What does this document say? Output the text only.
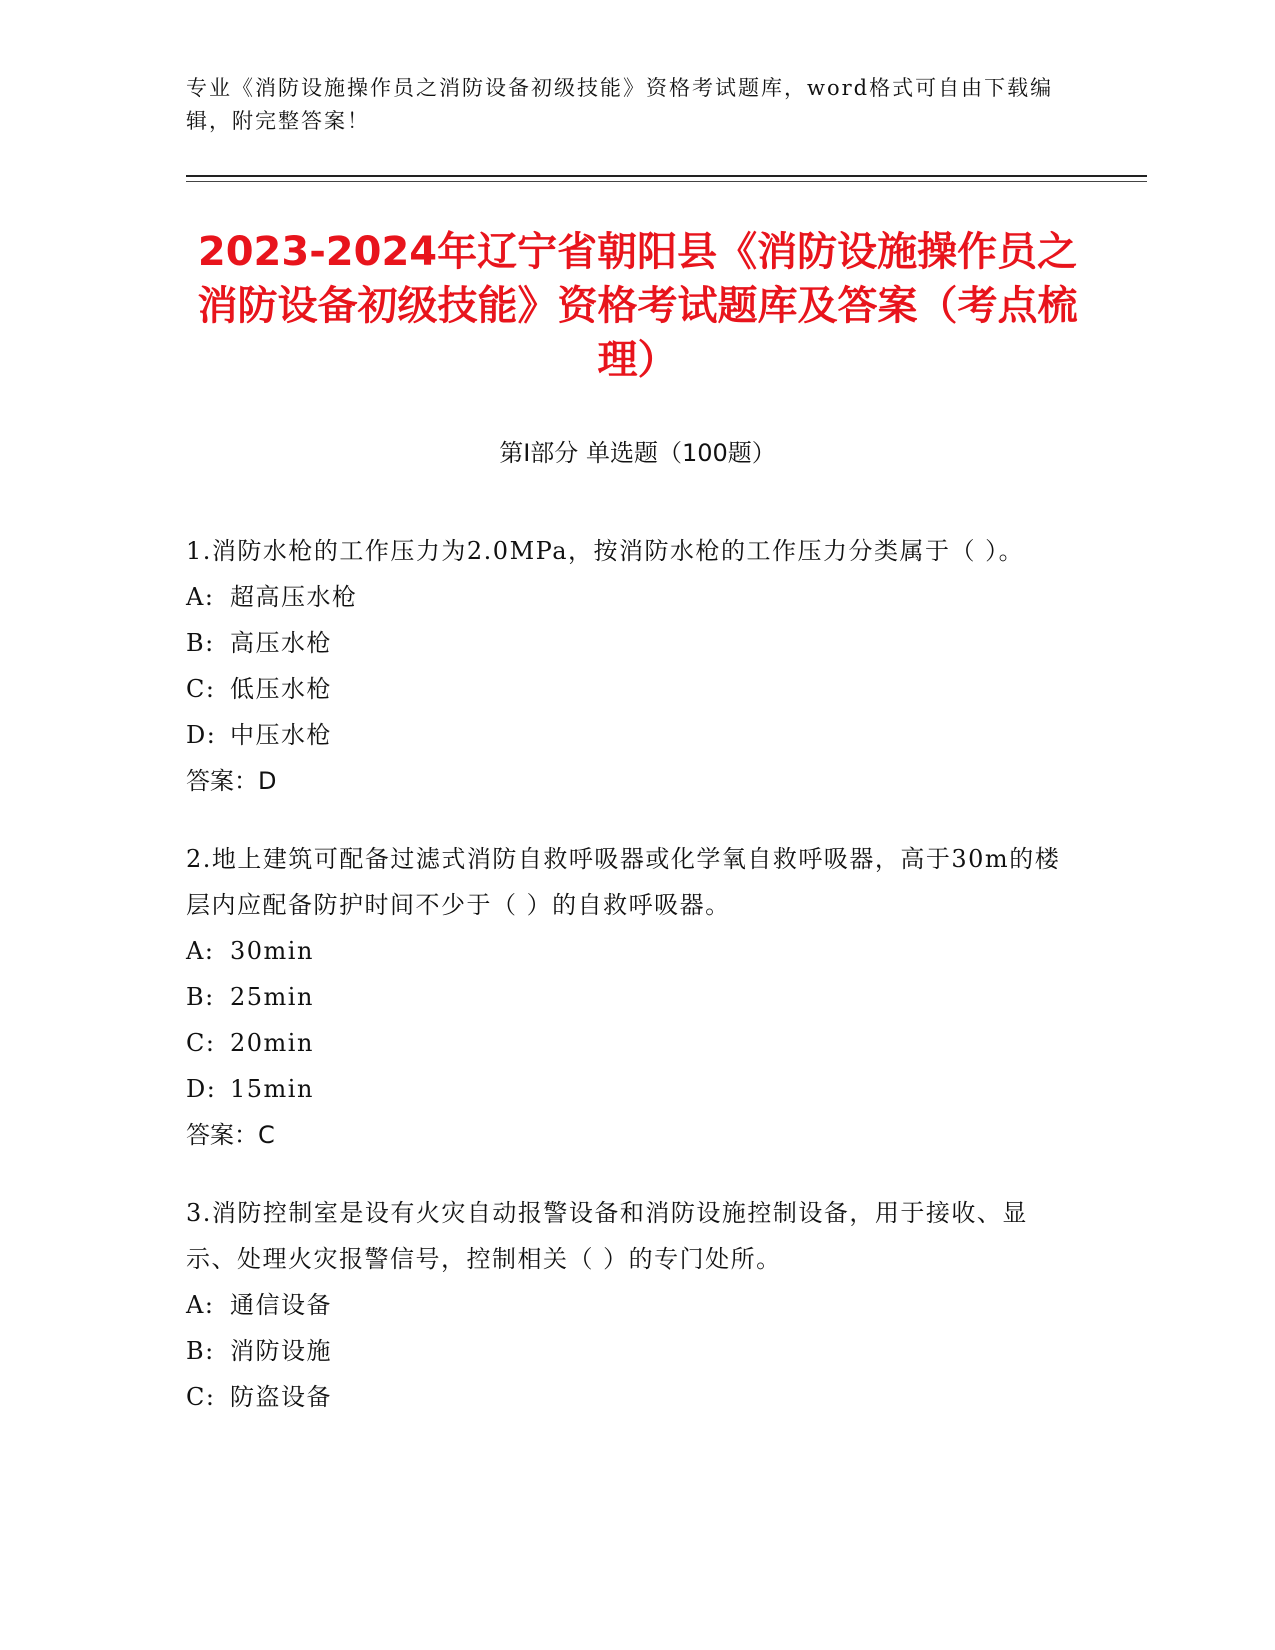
专业《消防设施操作员之消防设备初级技能》资格考试题库，word格式可自由下载编辑，附完整答案！
2023-2024年辽宁省朝阳县《消防设施操作员之消防设备初级技能》资格考试题库及答案（考点梳理）
第Ⅰ部分 单选题（100题）

1.消防水枪的工作压力为2.0MPa，按消防水枪的工作压力分类属于（ ）。

A: 超高压水枪

B: 高压水枪

C: 低压水枪

D: 中压水枪

答案：D

2.地上建筑可配备过滤式消防自救呼吸器或化学氧自救呼吸器，高于30m的楼层内应配备防护时间不少于（ ）的自救呼吸器。

A: 30min

B: 25min

C: 20min

D: 15min

答案：C

3.消防控制室是设有火灾自动报警设备和消防设施控制设备，用于接收、显示、处理火灾报警信号，控制相关（ ）的专门处所。

A: 通信设备

B: 消防设施

C: 防盗设备
